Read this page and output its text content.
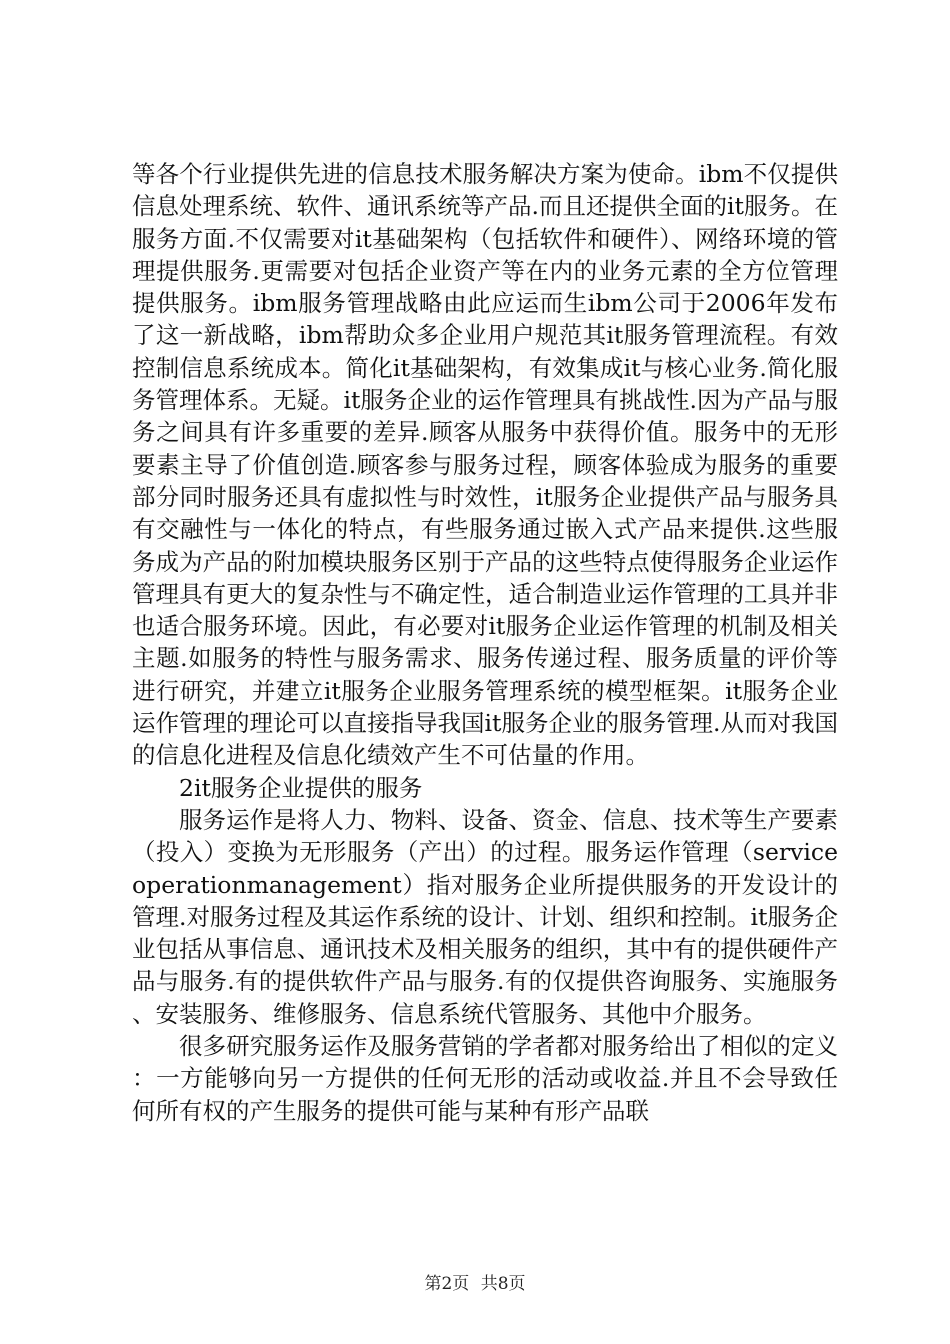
等各个行业提供先进的信息技术服务解决方案为使命。ibm不仅提供信息处理系统、软件、通讯系统等产品.而且还提供全面的it服务。在服务方面.不仅需要对it基础架构（包括软件和硬件）、网络环境的管理提供服务.更需要对包括企业资产等在内的业务元素的全方位管理提供服务。ibm服务管理战略由此应运而生ibm公司于2006年发布了这一新战略，ibm帮助众多企业用户规范其it服务管理流程。有效控制信息系统成本。简化it基础架构，有效集成it与核心业务.简化服务管理体系。无疑。it服务企业的运作管理具有挑战性.因为产品与服务之间具有许多重要的差异.顾客从服务中获得价值。服务中的无形要素主导了价值创造.顾客参与服务过程，顾客体验成为服务的重要部分同时服务还具有虚拟性与时效性，it服务企业提供产品与服务具有交融性与一体化的特点，有些服务通过嵌入式产品来提供.这些服务成为产品的附加模块服务区别于产品的这些特点使得服务企业运作管理具有更大的复杂性与不确定性，适合制造业运作管理的工具并非也适合服务环境。因此，有必要对it服务企业运作管理的机制及相关主题.如服务的特性与服务需求、服务传递过程、服务质量的评价等进行研究，并建立it服务企业服务管理系统的模型框架。it服务企业运作管理的理论可以直接指导我国it服务企业的服务管理.从而对我国的信息化进程及信息化绩效产生不可估量的作用。

2it服务企业提供的服务

服务运作是将人力、物料、设备、资金、信息、技术等生产要素（投入）变换为无形服务（产出）的过程。服务运作管理（serviceoperationmanagement）指对服务企业所提供服务的开发设计的管理.对服务过程及其运作系统的设计、计划、组织和控制。it服务企业包括从事信息、通讯技术及相关服务的组织，其中有的提供硬件产品与服务.有的提供软件产品与服务.有的仅提供咨询服务、实施服务、安装服务、维修服务、信息系统代管服务、其他中介服务。

很多研究服务运作及服务营销的学者都对服务给出了相似的定义：一方能够向另一方提供的任何无形的活动或收益.并且不会导致任何所有权的产生服务的提供可能与某种有形产品联

第2页 共8页
